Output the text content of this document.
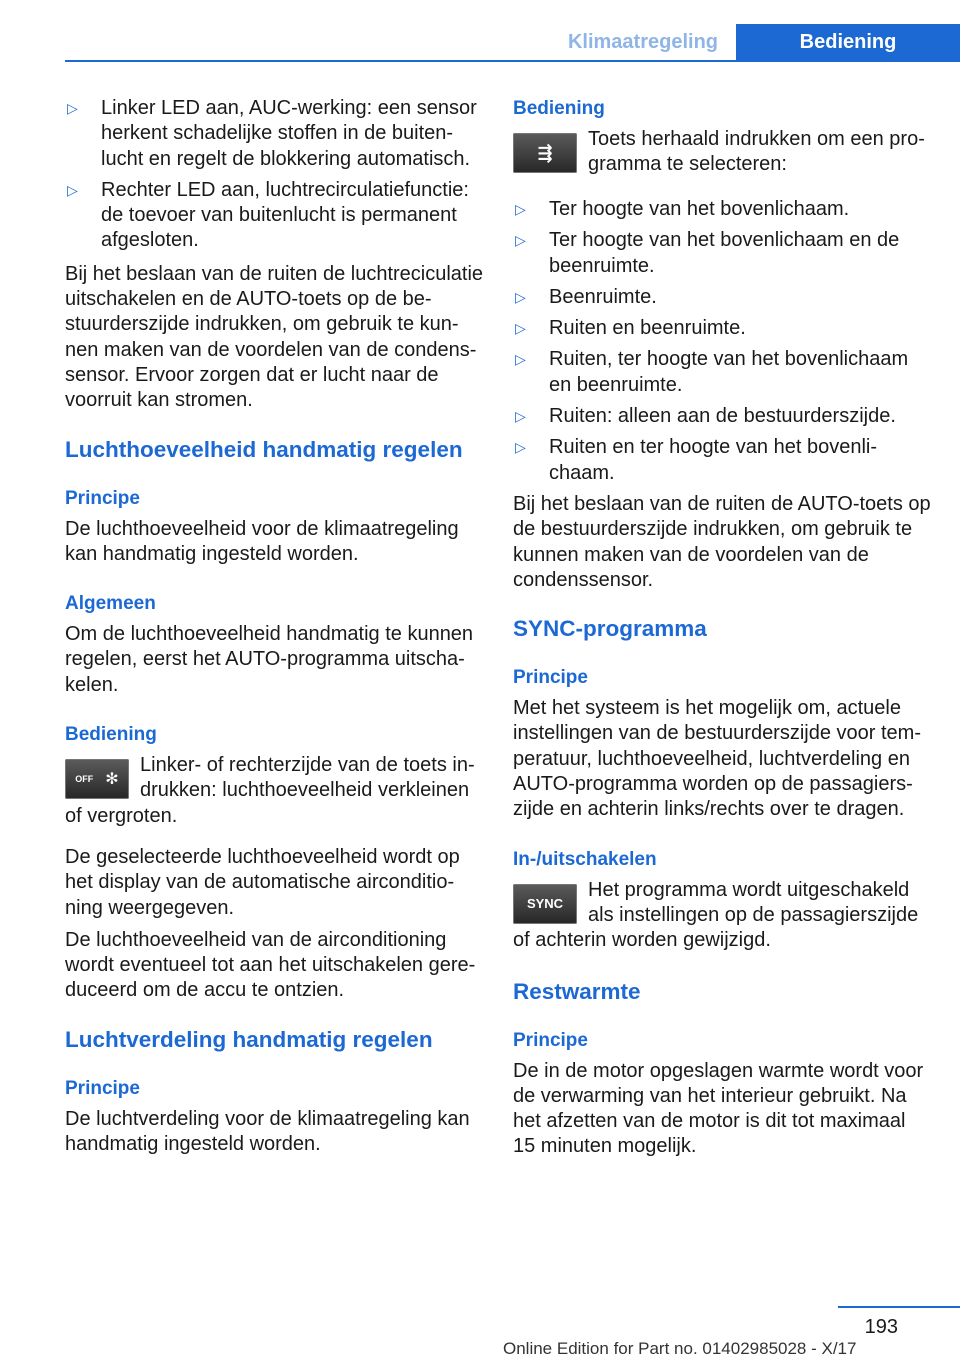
Klimaatregeling	Bediening
▷	Linker LED aan, AUC-werking: een sensor herkent schadelijke stoffen in de buitenlucht en regelt de blokkering automatisch.
▷	Rechter LED aan, luchtrecirculatiefunctie: de toevoer van buitenlucht is permanent afgesloten.

Bij het beslaan van de ruiten de luchtreciculatie uitschakelen en de AUTO-toets op de bestuurderszijde indrukken, om gebruik te kunnen maken van de voordelen van de condenssensor. Ervoor zorgen dat er lucht naar de voorruit kan stromen.

Luchthoeveelheid handmatig regelen
Principe

De luchthoeveelheid voor de klimaatregeling kan handmatig ingesteld worden.

Algemeen

Om de luchthoeveelheid handmatig te kunnen regelen, eerst het AUTO-programma uitschakelen.

Bediening
OFF ✻

Linker- of rechterzijde van de toets indrukken: luchthoeveelheid verkleinen of vergroten.

De geselecteerde luchthoeveelheid wordt op het display van de automatische airconditioning weergegeven.

De luchthoeveelheid van de airconditioning wordt eventueel tot aan het uitschakelen gereduceerd om de accu te ontzien.

Luchtverdeling handmatig regelen
Principe

De luchtverdeling voor de klimaatregeling kan handmatig ingesteld worden.

Bediening
⇶

Toets herhaald indrukken om een programma te selecteren:

▷	Ter hoogte van het bovenlichaam.
▷	Ter hoogte van het bovenlichaam en de beenruimte.
▷	Beenruimte.
▷	Ruiten en beenruimte.
▷	Ruiten, ter hoogte van het bovenlichaam en beenruimte.
▷	Ruiten: alleen aan de bestuurderszijde.
▷	Ruiten en ter hoogte van het bovenlichaam.

Bij het beslaan van de ruiten de AUTO-toets op de bestuurderszijde indrukken, om gebruik te kunnen maken van de voordelen van de condenssensor.

SYNC-programma
Principe

Met het systeem is het mogelijk om, actuele instellingen van de bestuurderszijde voor temperatuur, luchthoeveelheid, luchtverdeling en AUTO-programma worden op de passagierszijde en achterin links/rechts over te dragen.

In-/uitschakelen
SYNC

Het programma wordt uitgeschakeld als instellingen op de passagierszijde of achterin worden gewijzigd.

Restwarmte
Principe

De in de motor opgeslagen warmte wordt voor de verwarming van het interieur gebruikt. Na het afzetten van de motor is dit tot maximaal 15 minuten mogelijk.

193
Online Edition for Part no. 01402985028 - X/17
